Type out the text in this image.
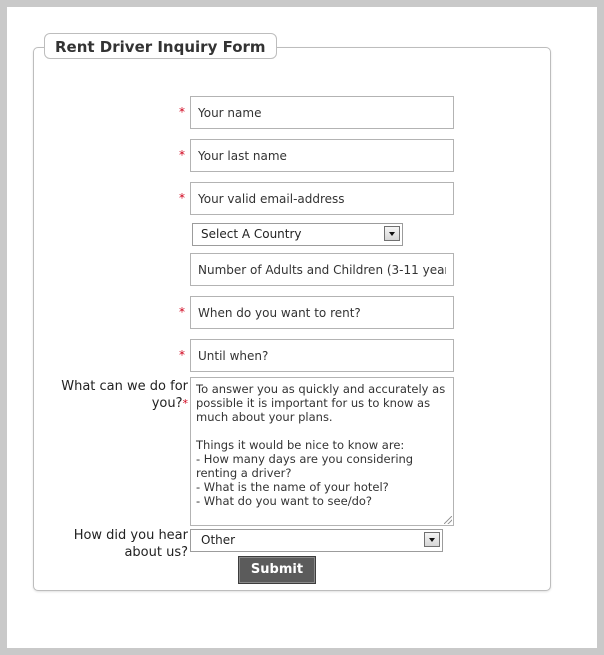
Rent Driver Inquiry Form
*
Your name
*
Your last name
*
Your valid email-address
Select A Country
Number of Adults and Children (3-11 years)
*
When do you want to rent?
*
Until when?
What can we do for you?*
To answer you as quickly and accurately as possible it is important for us to know as much about your plans. Things it would be nice to know are: - How many days are you considering renting a driver? - What is the name of your hotel? - What do you want to see/do?
How did you hear about us?
Other
Submit
